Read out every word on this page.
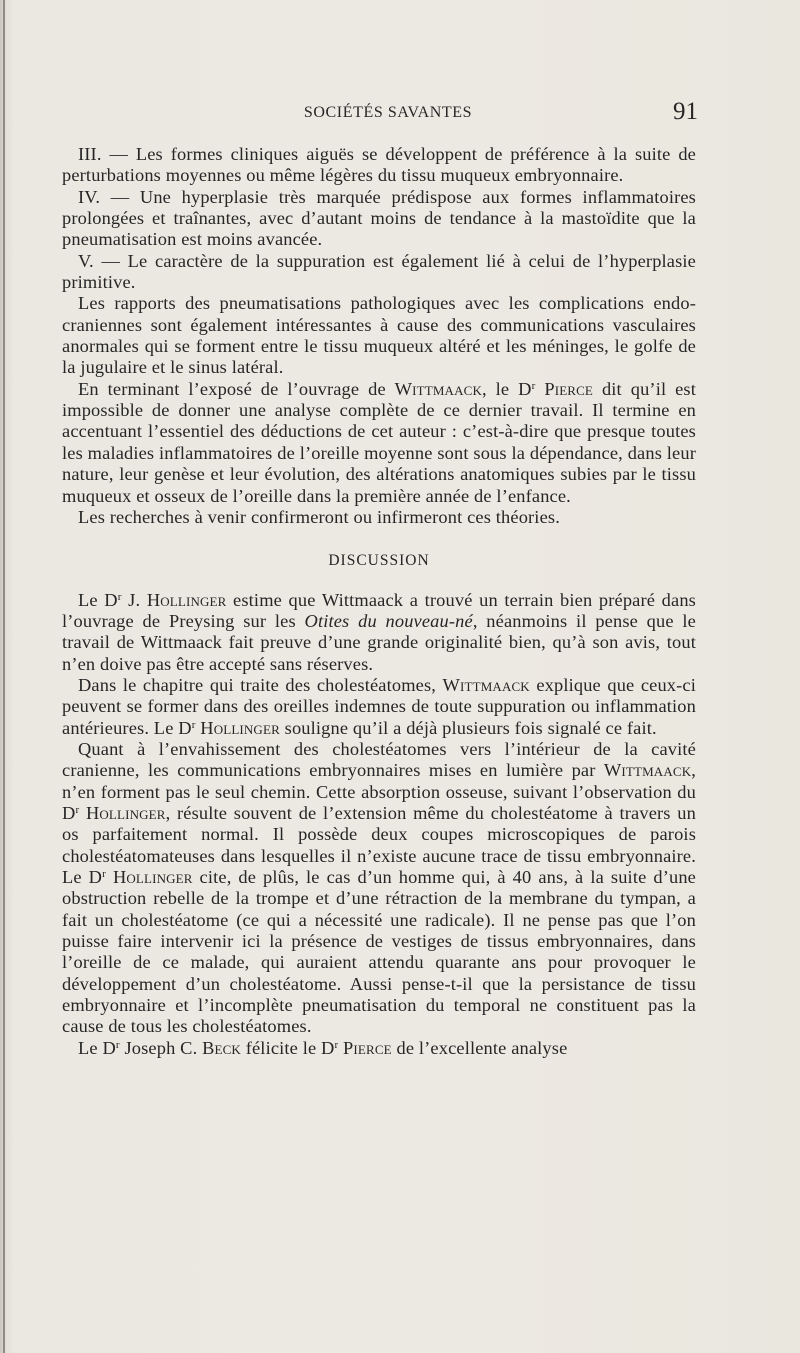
SOCIÉTÉS SAVANTES	91

III. — Les formes cliniques aiguës se développent de préférence à la suite de perturbations moyennes ou même légères du tissu muqueux embryonnaire.

IV. — Une hyperplasie très marquée prédispose aux formes inflammatoires prolongées et traînantes, avec d’autant moins de tendance à la mastoïdite que la pneumatisation est moins avancée.

V. — Le caractère de la suppuration est également lié à celui de l’hyperplasie primitive.

Les rapports des pneumatisations pathologiques avec les complications endo-craniennes sont également intéressantes à cause des communications vasculaires anormales qui se forment entre le tissu muqueux altéré et les méninges, le golfe de la jugulaire et le sinus latéral.

En terminant l’exposé de l’ouvrage de Wittmaack, le $D^r$ Pierce dit qu’il est impossible de donner une analyse complète de ce dernier travail. Il termine en accentuant l’essentiel des déductions de cet auteur : c’est-à-dire que presque toutes les maladies inflammatoires de l’oreille moyenne sont sous la dépendance, dans leur nature, leur genèse et leur évolution, des altérations anatomiques subies par le tissu muqueux et osseux de l’oreille dans la première année de l’enfance.

Les recherches à venir confirmeront ou infirmeront ces théories.

DISCUSSION

Le $D^r$ J. Hollinger estime que Wittmaack a trouvé un terrain bien préparé dans l’ouvrage de Preysing sur les Otites du nouveau-né, néanmoins il pense que le travail de Wittmaack fait preuve d’une grande originalité bien, qu’à son avis, tout n’en doive pas être accepté sans réserves.

Dans le chapitre qui traite des cholestéatomes, Wittmaack explique que ceux-ci peuvent se former dans des oreilles indemnes de toute suppuration ou inflammation antérieures. Le $D^r$ Hollinger souligne qu’il a déjà plusieurs fois signalé ce fait.

Quant à l’envahissement des cholestéatomes vers l’intérieur de la cavité cranienne, les communications embryonnaires mises en lumière par Wittmaack, n’en forment pas le seul chemin. Cette absorption osseuse, suivant l’observation du $D^r$ Hollinger, résulte souvent de l’extension même du cholestéatome à travers un os parfaitement normal. Il possède deux coupes microscopiques de parois cholestéatomateuses dans lesquelles il n’existe aucune trace de tissu embryonnaire. Le $D^r$ Hollinger cite, de plûs, le cas d’un homme qui, à 40 ans, à la suite d’une obstruction rebelle de la trompe et d’une rétraction de la membrane du tympan, a fait un cholestéatome (ce qui a nécessité une radicale). Il ne pense pas que l’on puisse faire intervenir ici la présence de vestiges de tissus embryonnaires, dans l’oreille de ce malade, qui auraient attendu quarante ans pour provoquer le développement d’un cholestéatome. Aussi pense-t-il que la persistance de tissu embryonnaire et l’incomplète pneumatisation du temporal ne constituent pas la cause de tous les cholestéatomes.

Le $D^r$ Joseph C. Beck félicite le $D^r$ Pierce de l’excellente analyse
